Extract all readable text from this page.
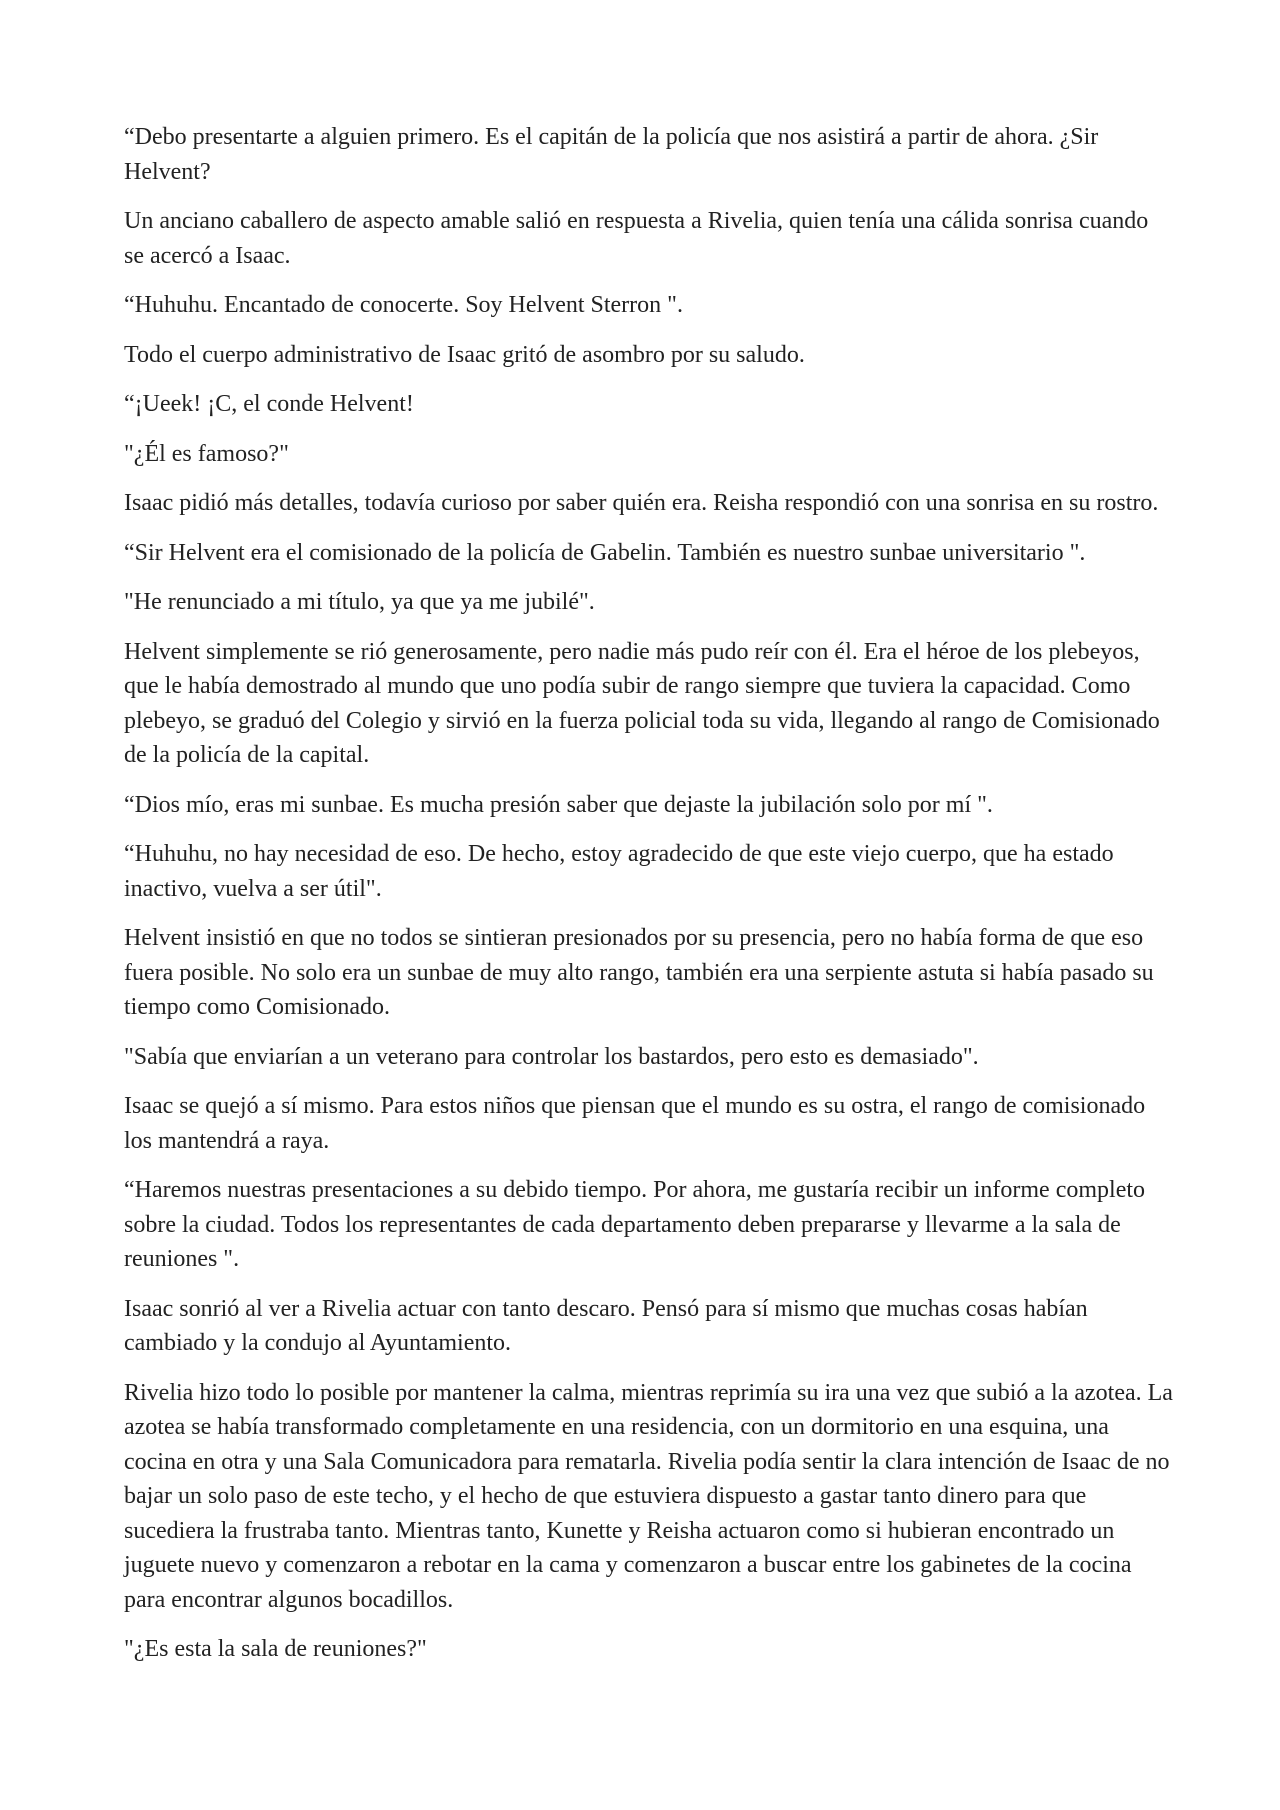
“Debo presentarte a alguien primero. Es el capitán de la policía que nos asistirá a partir de ahora. ¿Sir Helvent?

Un anciano caballero de aspecto amable salió en respuesta a Rivelia, quien tenía una cálida sonrisa cuando se acercó a Isaac.

“Huhuhu. Encantado de conocerte. Soy Helvent Sterron ".

Todo el cuerpo administrativo de Isaac gritó de asombro por su saludo.

“¡Ueek! ¡C, el conde Helvent!

"¿Él es famoso?"

Isaac pidió más detalles, todavía curioso por saber quién era. Reisha respondió con una sonrisa en su rostro.

“Sir Helvent era el comisionado de la policía de Gabelin. También es nuestro sunbae universitario ".

"He renunciado a mi título, ya que ya me jubilé".

Helvent simplemente se rió generosamente, pero nadie más pudo reír con él. Era el héroe de los plebeyos, que le había demostrado al mundo que uno podía subir de rango siempre que tuviera la capacidad. Como plebeyo, se graduó del Colegio y sirvió en la fuerza policial toda su vida, llegando al rango de Comisionado de la policía de la capital.

“Dios mío, eras mi sunbae. Es mucha presión saber que dejaste la jubilación solo por mí ".

“Huhuhu, no hay necesidad de eso. De hecho, estoy agradecido de que este viejo cuerpo, que ha estado inactivo, vuelva a ser útil".

Helvent insistió en que no todos se sintieran presionados por su presencia, pero no había forma de que eso fuera posible. No solo era un sunbae de muy alto rango, también era una serpiente astuta si había pasado su tiempo como Comisionado.

"Sabía que enviarían a un veterano para controlar los bastardos, pero esto es demasiado".

Isaac se quejó a sí mismo. Para estos niños que piensan que el mundo es su ostra, el rango de comisionado los mantendrá a raya.

“Haremos nuestras presentaciones a su debido tiempo. Por ahora, me gustaría recibir un informe completo sobre la ciudad. Todos los representantes de cada departamento deben prepararse y llevarme a la sala de reuniones ".

Isaac sonrió al ver a Rivelia actuar con tanto descaro. Pensó para sí mismo que muchas cosas habían cambiado y la condujo al Ayuntamiento.

Rivelia hizo todo lo posible por mantener la calma, mientras reprimía su ira una vez que subió a la azotea. La azotea se había transformado completamente en una residencia, con un dormitorio en una esquina, una cocina en otra y una Sala Comunicadora para rematarla. Rivelia podía sentir la clara intención de Isaac de no bajar un solo paso de este techo, y el hecho de que estuviera dispuesto a gastar tanto dinero para que sucediera la frustraba tanto. Mientras tanto, Kunette y Reisha actuaron como si hubieran encontrado un juguete nuevo y comenzaron a rebotar en la cama y comenzaron a buscar entre los gabinetes de la cocina para encontrar algunos bocadillos.

"¿Es esta la sala de reuniones?"
